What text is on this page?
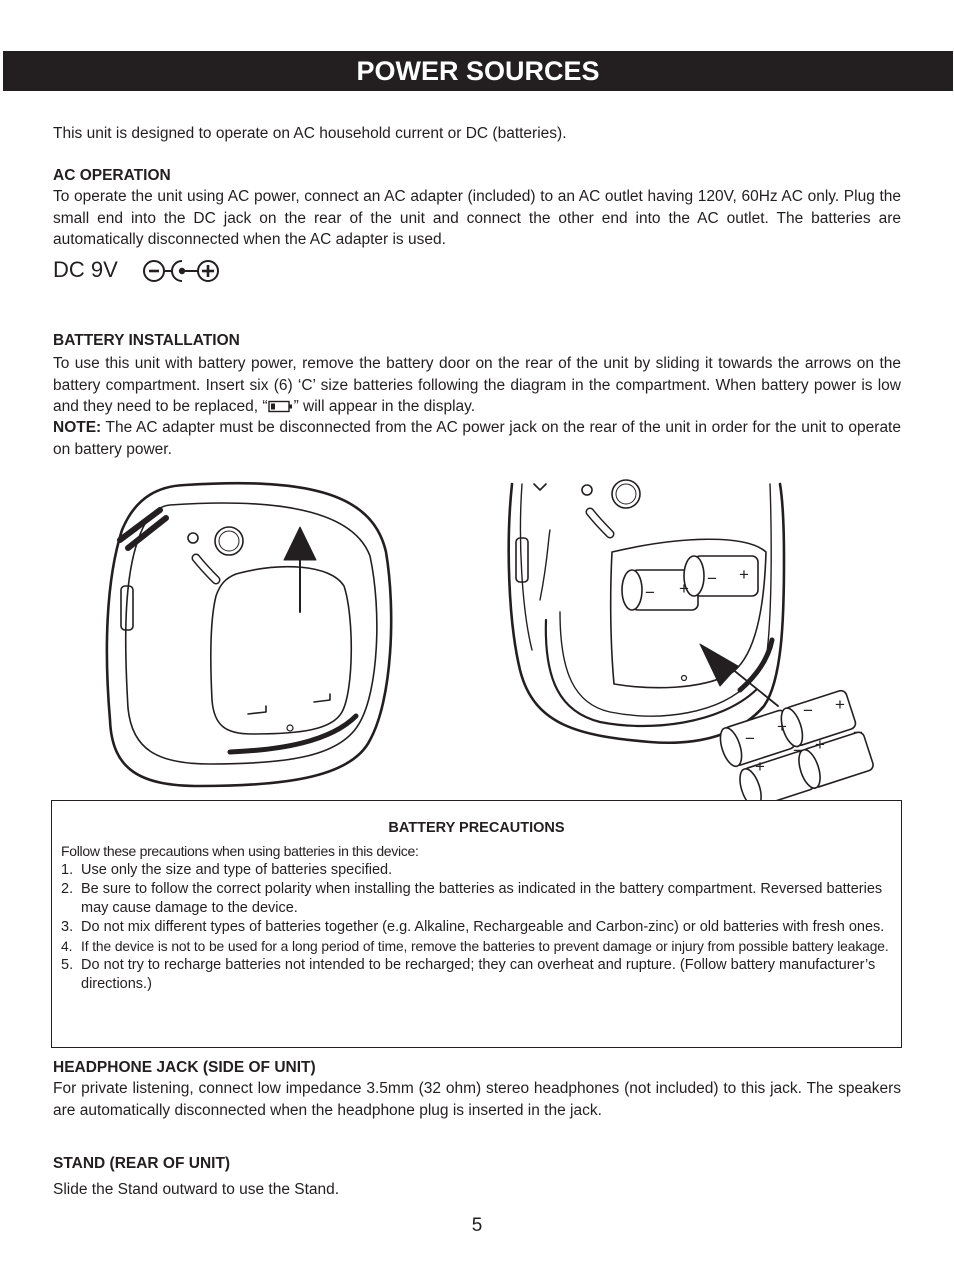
POWER SOURCES
This unit is designed to operate on AC household current or DC (batteries).
AC OPERATION
To operate the unit using AC power, connect an AC adapter (included) to an AC outlet having 120V, 60Hz AC only. Plug the small end into the DC jack on the rear of the unit and connect the other end into the AC outlet. The batteries are automatically disconnected when the AC adapter is used.
DC 9V
BATTERY INSTALLATION
To use this unit with battery power, remove the battery door on the rear of the unit by sliding it towards the arrows on the battery compartment. Insert six (6) ‘C’ size batteries following the diagram in the compartment. When battery power is low and they need to be replaced, “ ” will appear in the display.
NOTE: The AC adapter must be disconnected from the AC power jack on the rear of the unit in order for the unit to operate on battery power.
− +
− +
−
+
− +
+
− +
−
BATTERY PRECAUTIONS
Follow these precautions when using batteries in this device:
1. Use only the size and type of batteries specified.
2. Be sure to follow the correct polarity when installing the batteries as indicated in the battery compartment. Reversed batteries may cause damage to the device.
3. Do not mix different types of batteries together (e.g. Alkaline, Rechargeable and Carbon-zinc) or old batteries with fresh ones.
4. If the device is not to be used for a long period of time, remove the batteries to prevent damage or injury from possible battery leakage.
5. Do not try to recharge batteries not intended to be recharged; they can overheat and rupture. (Follow battery manufacturer’s directions.)
HEADPHONE JACK (SIDE OF UNIT)
For private listening, connect low impedance 3.5mm (32 ohm) stereo headphones (not included) to this jack. The speakers are automatically disconnected when the headphone plug is inserted in the jack.
STAND (REAR OF UNIT)
Slide the Stand outward to use the Stand.
5
